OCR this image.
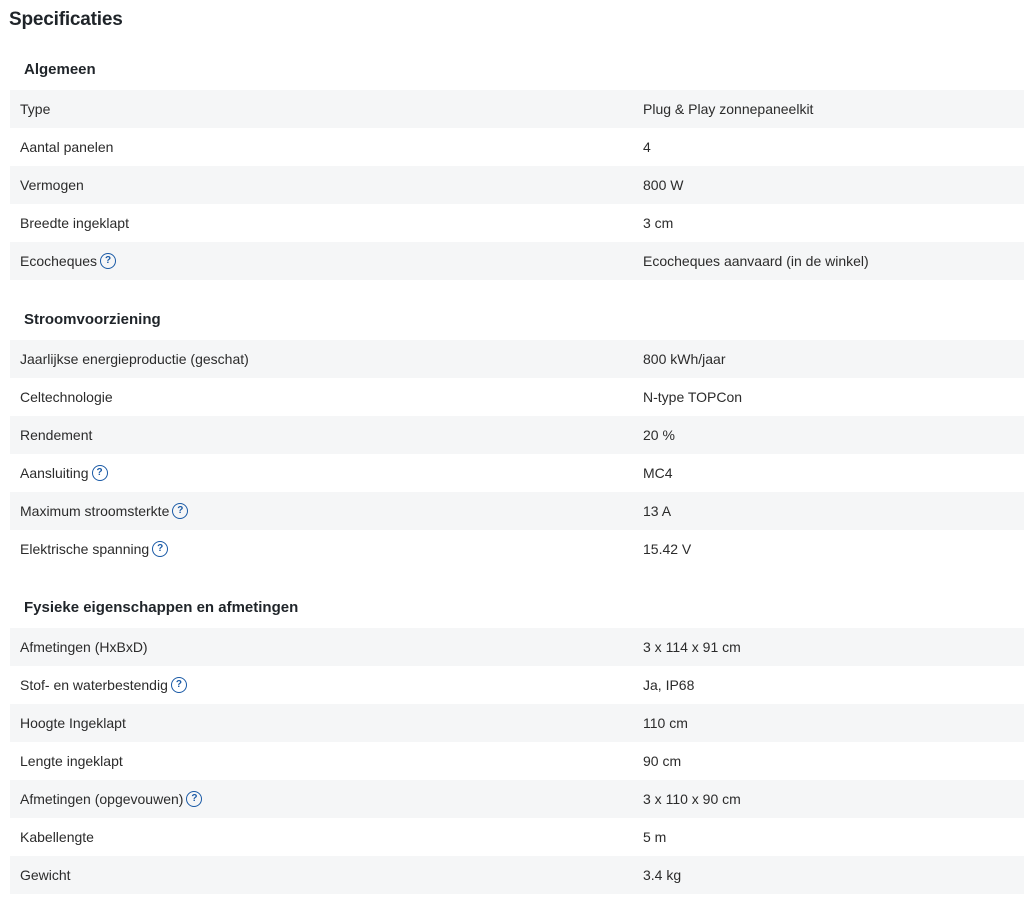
Specificaties
Algemeen
Type	Plug & Play zonnepaneelkit
Aantal panelen	4
Vermogen	800 W
Breedte ingeklapt	3 cm
Ecocheques ?	Ecocheques aanvaard (in de winkel)
Stroomvoorziening
Jaarlijkse energieproductie (geschat)	800 kWh/jaar
Celtechnologie	N-type TOPCon
Rendement	20 %
Aansluiting ?	MC4
Maximum stroomsterkte ?	13 A
Elektrische spanning ?	15.42 V
Fysieke eigenschappen en afmetingen
Afmetingen (HxBxD)	3 x 114 x 91 cm
Stof- en waterbestendig ?	Ja, IP68
Hoogte Ingeklapt	110 cm
Lengte ingeklapt	90 cm
Afmetingen (opgevouwen) ?	3 x 110 x 90 cm
Kabellengte	5 m
Gewicht	3.4 kg
